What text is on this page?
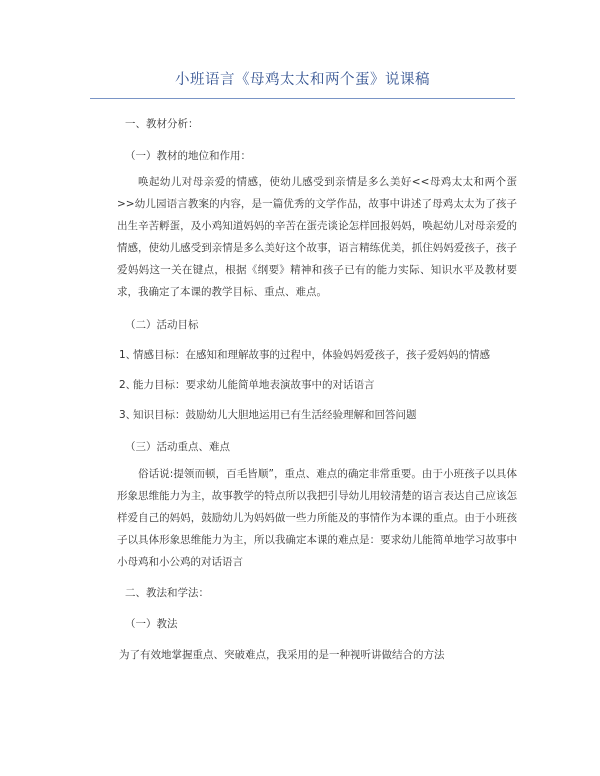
小班语言《母鸡太太和两个蛋》说课稿
一、教材分析：
（一）教材的地位和作用：
唤起幼儿对母亲爱的情感，使幼儿感受到亲情是多么美好<<母鸡太太和两个蛋>>幼儿园语言教案的内容，是一篇优秀的文学作品，故事中讲述了母鸡太太为了孩子出生辛苦孵蛋，及小鸡知道妈妈的辛苦在蛋壳谈论怎样回报妈妈，唤起幼儿对母亲爱的情感，使幼儿感受到亲情是多么美好这个故事，语言精练优美，抓住妈妈爱孩子，孩子爱妈妈这一关在键点，根据《纲要》精神和孩子已有的能力实际、知识水平及教材要求，我确定了本课的教学目标、重点、难点。
（二）活动目标
1、情感目标：在感知和理解故事的过程中，体验妈妈爱孩子，孩子爱妈妈的情感
2、能力目标：要求幼儿能简单地表演故事中的对话语言
3、知识目标：鼓励幼儿大胆地运用已有生活经验理解和回答问题
（三）活动重点、难点
俗话说:提领而顿，百毛皆顺”，重点、难点的确定非常重要。由于小班孩子以具体形象思维能力为主，故事教学的特点所以我把引导幼儿用较清楚的语言表达自己应该怎样爱自己的妈妈，鼓励幼儿为妈妈做一些力所能及的事情作为本课的重点。由于小班孩子以具体形象思维能力为主，所以我确定本课的难点是：要求幼儿能简单地学习故事中小母鸡和小公鸡的对话语言
二、教法和学法：
（一）教法
为了有效地掌握重点、突破难点，我采用的是一种视听讲做结合的方法
